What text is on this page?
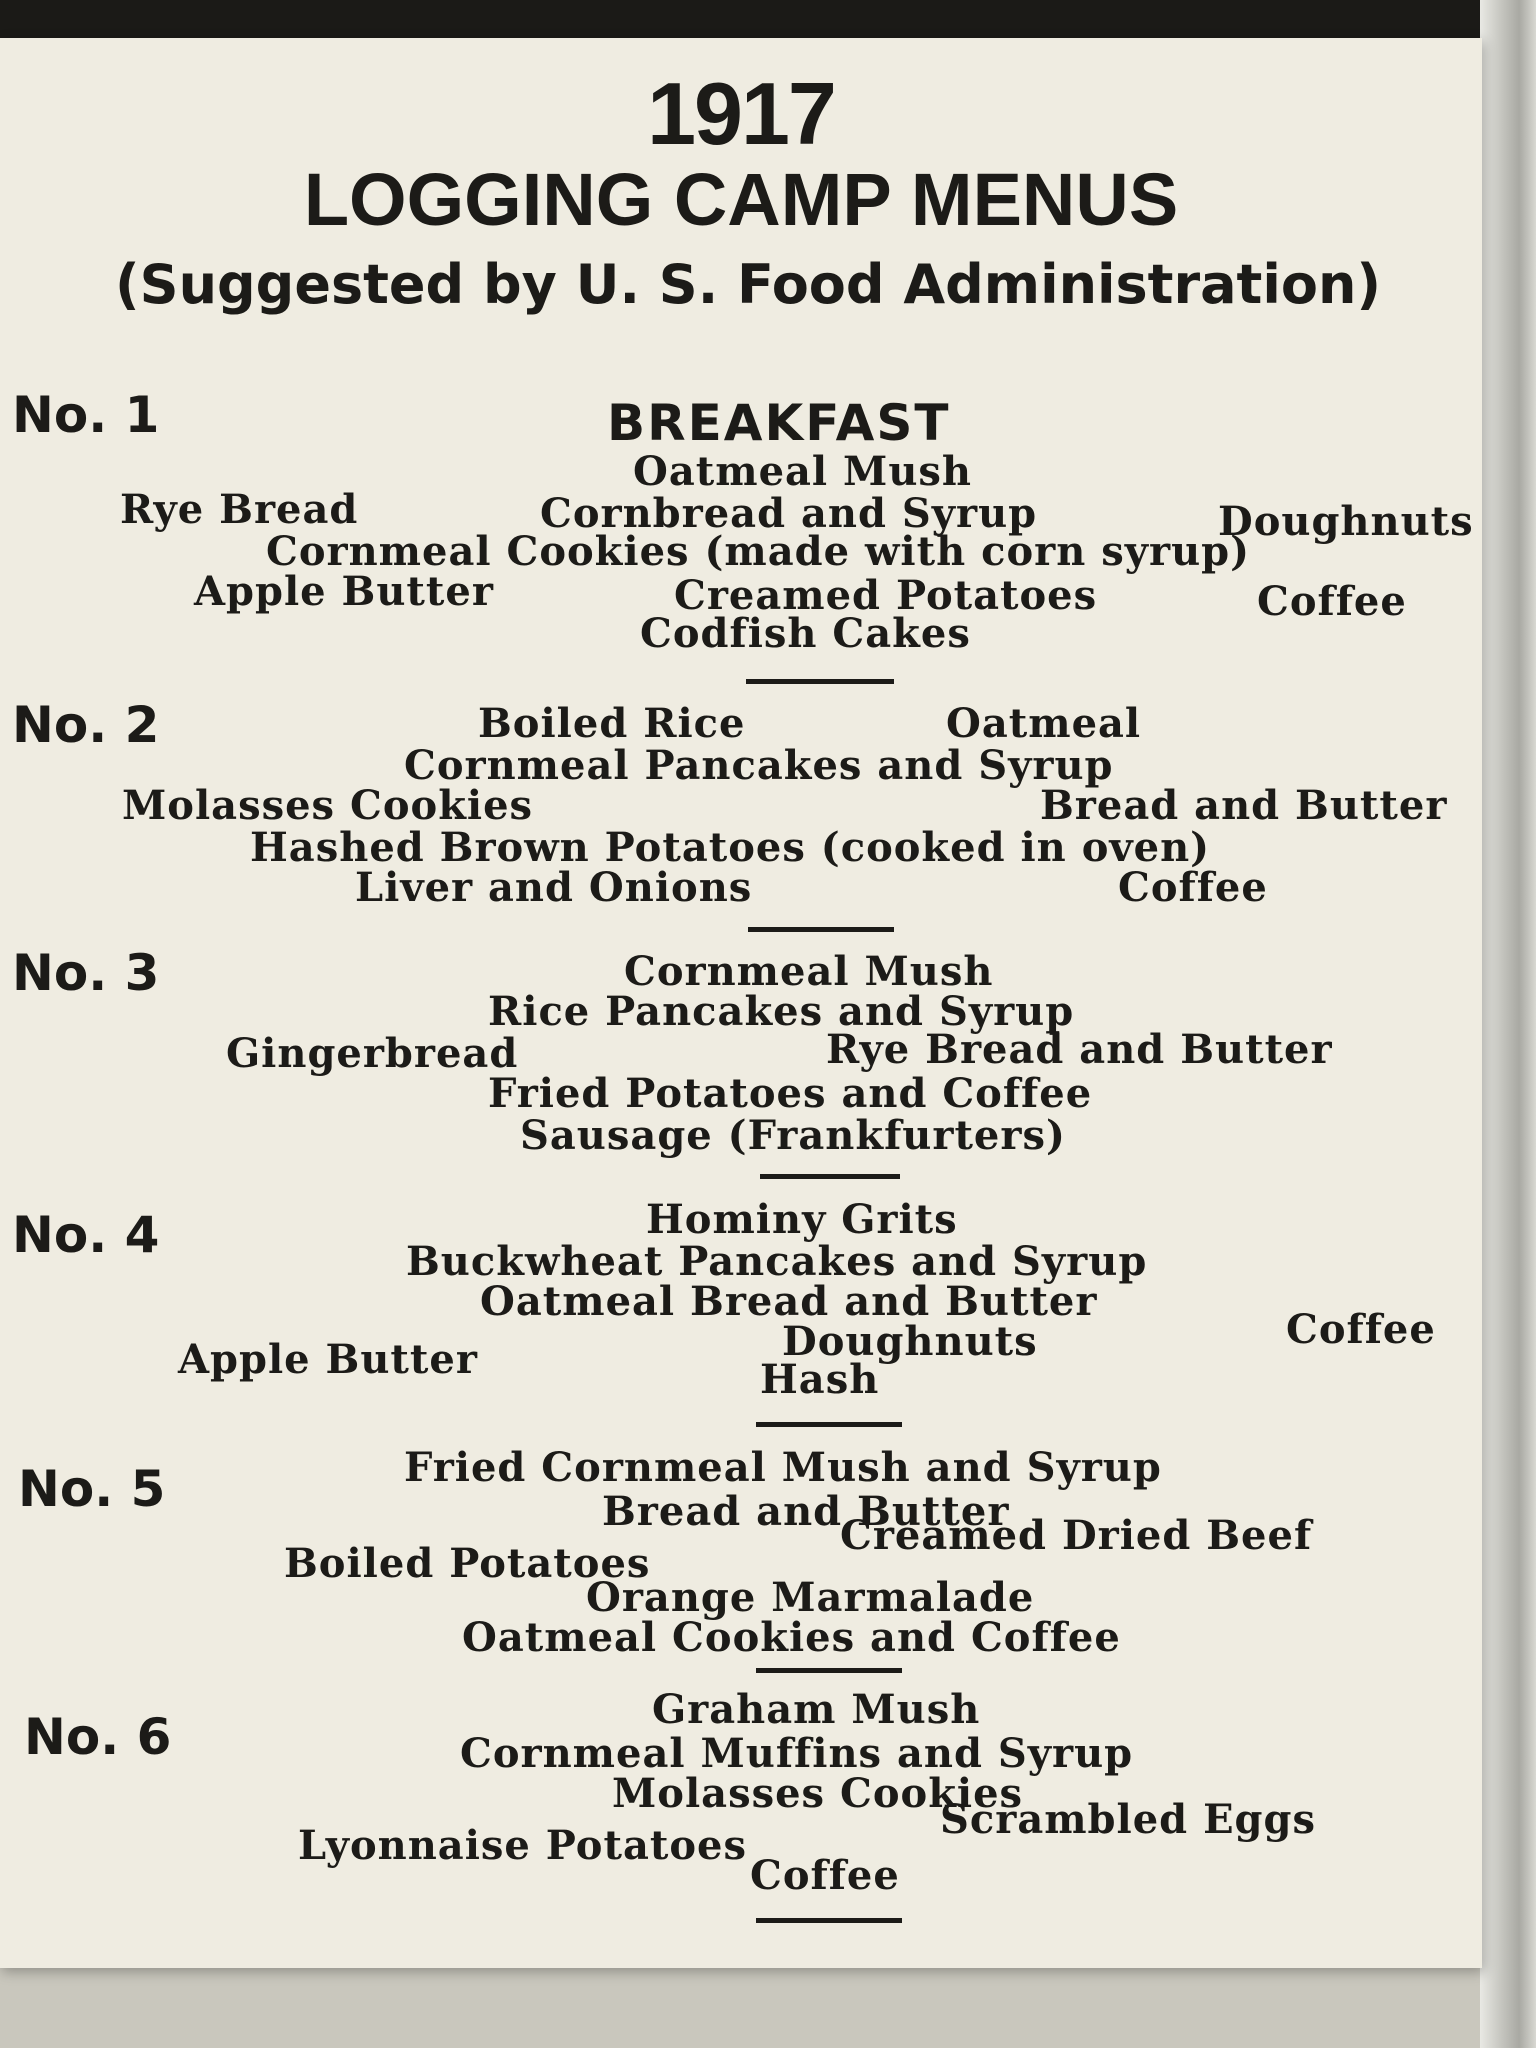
1917
LOGGING CAMP MENUS
(Suggested by U. S. Food Administration)
No. 1	BREAKFAST
Oatmeal Mush
Rye Bread	Cornbread and Syrup	Doughnuts
Cornmeal Cookies (made with corn syrup)
Apple Butter	Creamed Potatoes	Coffee
Codfish Cakes
No. 2	Boiled Rice	Oatmeal
Cornmeal Pancakes and Syrup
Molasses Cookies	Bread and Butter
Hashed Brown Potatoes (cooked in oven)
Liver and Onions	Coffee
No. 3	Cornmeal Mush
Rice Pancakes and Syrup
Gingerbread	Rye Bread and Butter
Fried Potatoes and Coffee
Sausage (Frankfurters)
No. 4	Hominy Grits
Buckwheat Pancakes and Syrup
Oatmeal Bread and Butter
Doughnuts	Coffee
Apple Butter	Hash
No. 5	Fried Cornmeal Mush and Syrup
Bread and Butter
Boiled Potatoes
Creamed Dried Beef
Orange Marmalade
Oatmeal Cookies and Coffee
No. 6	Graham Mush
Cornmeal Muffins and Syrup
Molasses Cookies
Scrambled Eggs
Lyonnaise Potatoes
Coffee
